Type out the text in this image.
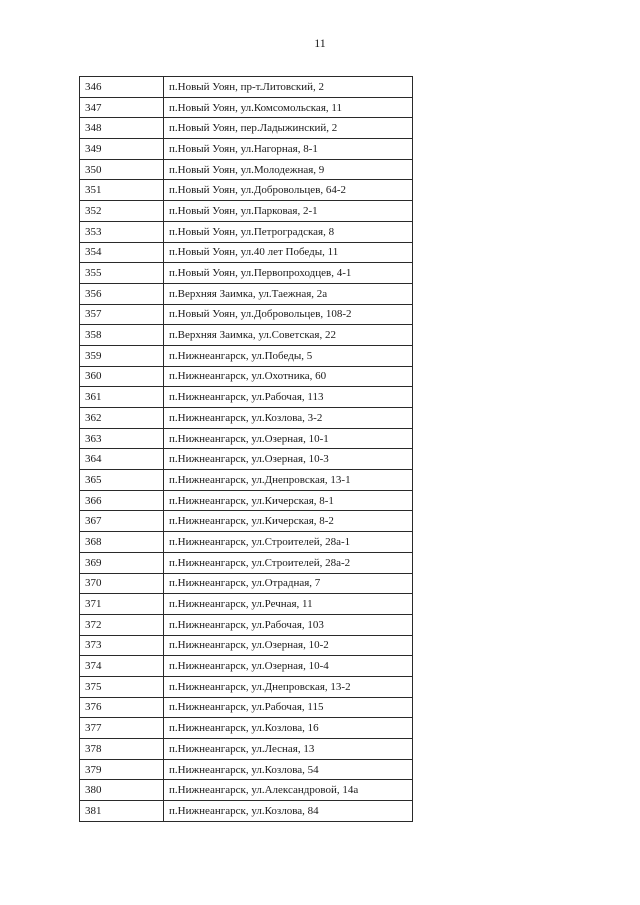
11
346	п.Новый Уоян, пр-т.Литовский, 2
347	п.Новый Уоян, ул.Комсомольская, 11
348	п.Новый Уоян, пер.Ладыжинский, 2
349	п.Новый Уоян, ул.Нагорная, 8-1
350	п.Новый Уоян, ул.Молодежная, 9
351	п.Новый Уоян, ул.Добровольцев, 64-2
352	п.Новый Уоян, ул.Парковая, 2-1
353	п.Новый Уоян, ул.Петроградская, 8
354	п.Новый Уоян, ул.40 лет Победы, 11
355	п.Новый Уоян, ул.Первопроходцев, 4-1
356	п.Верхняя Заимка, ул.Таежная, 2а
357	п.Новый Уоян, ул.Добровольцев, 108-2
358	п.Верхняя Заимка, ул.Советская, 22
359	п.Нижнеангарск, ул.Победы, 5
360	п.Нижнеангарск, ул.Охотника, 60
361	п.Нижнеангарск, ул.Рабочая, 113
362	п.Нижнеангарск, ул.Козлова, 3-2
363	п.Нижнеангарск, ул.Озерная, 10-1
364	п.Нижнеангарск, ул.Озерная, 10-3
365	п.Нижнеангарск, ул.Днепровская, 13-1
366	п.Нижнеангарск, ул.Кичерская, 8-1
367	п.Нижнеангарск, ул.Кичерская, 8-2
368	п.Нижнеангарск, ул.Строителей, 28а-1
369	п.Нижнеангарск, ул.Строителей, 28а-2
370	п.Нижнеангарск, ул.Отрадная, 7
371	п.Нижнеангарск, ул.Речная, 11
372	п.Нижнеангарск, ул.Рабочая, 103
373	п.Нижнеангарск, ул.Озерная, 10-2
374	п.Нижнеангарск, ул.Озерная, 10-4
375	п.Нижнеангарск, ул.Днепровская, 13-2
376	п.Нижнеангарск, ул.Рабочая, 115
377	п.Нижнеангарск, ул.Козлова, 16
378	п.Нижнеангарск, ул.Лесная, 13
379	п.Нижнеангарск, ул.Козлова, 54
380	п.Нижнеангарск, ул.Александровой, 14а
381	п.Нижнеангарск, ул.Козлова, 84
